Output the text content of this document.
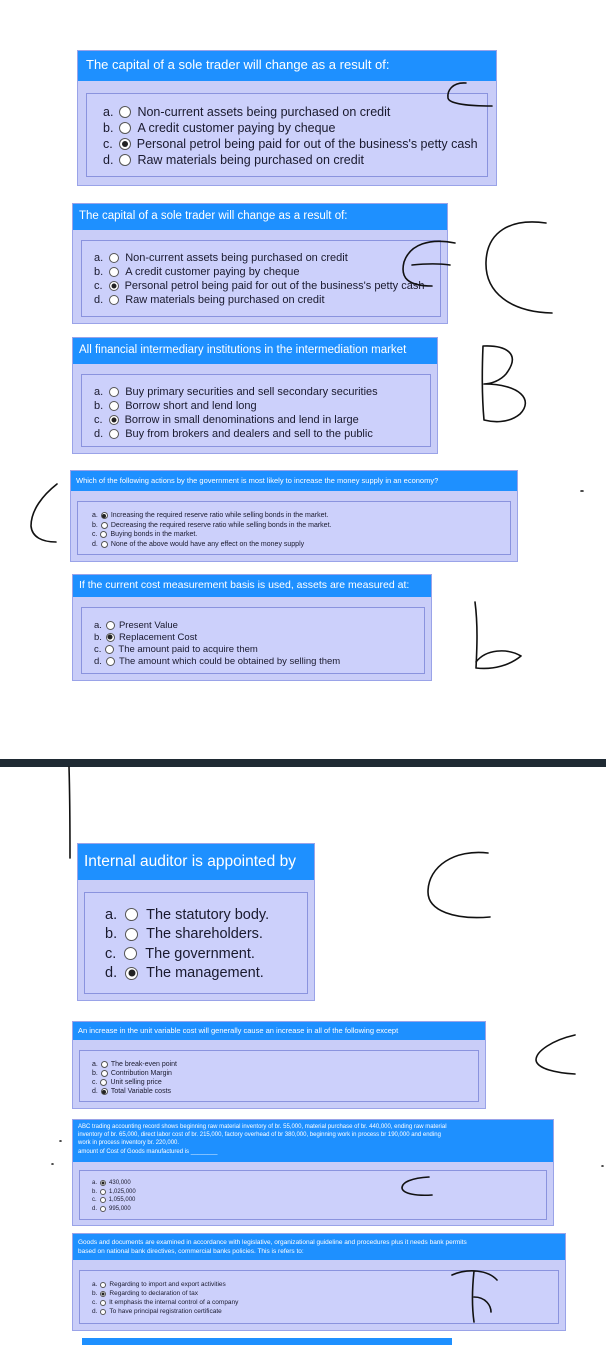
The capital of a sole trader will change as a result of:
a. Non-current assets being purchased on credit
b. A credit customer paying by cheque
c. Personal petrol being paid for out of the business's petty cash
d. Raw materials being purchased on credit
The capital of a sole trader will change as a result of:
a. Non-current assets being purchased on credit
b. A credit customer paying by cheque
c. Personal petrol being paid for out of the business's petty cash
d. Raw materials being purchased on credit
All financial intermediary institutions in the intermediation market
a. Buy primary securities and sell secondary securities
b. Borrow short and lend long
c. Borrow in small denominations and lend in large
d. Buy from brokers and dealers and sell to the public
Which of the following actions by the government is most likely to increase the money supply in an economy?
a. Increasing the required reserve ratio while selling bonds in the market.
b. Decreasing the required reserve ratio while selling bonds in the market.
c. Buying bonds in the market.
d. None of the above would have any effect on the money supply
If the current cost measurement basis is used, assets are measured at:
a. Present Value
b. Replacement Cost
c. The amount paid to acquire them
d. The amount which could be obtained by selling them
Internal auditor is appointed by
a. The statutory body.
b. The shareholders.
c. The government.
d. The management.
An increase in the unit variable cost will generally cause an increase in all of the following except
a. The break-even point
b. Contribution Margin
c. Unit selling price
d. Total Variable costs
ABC trading accounting record shows beginning raw material inventory of br. 55,000, material purchase of br. 440,000, ending raw material
inventory of br. 65,000, direct labor cost of br. 215,000, factory overhead of br 380,000, beginning work in process br 190,000 and ending
work in process inventory br. 220,000.
amount of Cost of Goods manufactured is ________
a. 430,000
b. 1,025,000
c. 1,055,000
d. 995,000
Goods and documents are examined in accordance with legislative, organizational guideline and procedures plus it needs bank permits
based on national bank directives, commercial banks policies. This is refers to:
a. Regarding to import and export activities
b. Regarding to declaration of tax
c. It emphasis the internal control of a company
d. To have principal registration certificate
